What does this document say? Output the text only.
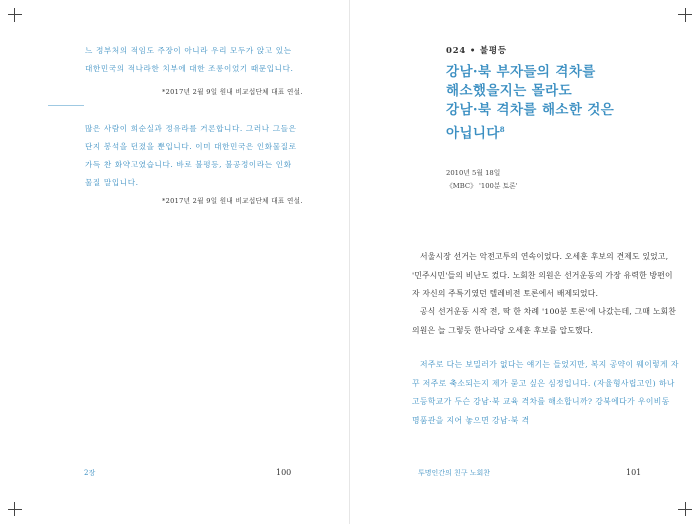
느 정부처의 적임도 주장이 아니라 우리 모두가 앉고 있는 대한민국의 적나라한 치부에 대한 조롱이었기 때문입니다.

*2017년 2월 9일 원내 비교섭단체 대표 연설.

많은 사람이 희순실과 정유라를 거론합니다. 그러나 그들은 단지 봉석을 던졌을 뿐입니다. 이미 대한민국은 인화물질로 가득 찬 화약고였습니다. 바로 불평등, 불공정이라는 인화물질 말입니다.

*2017년 2월 9일 원내 비교섭단체 대표 연설.

2장	100

024 • 불평등

강남·북 부자들의 격차를
해소했을지는 몰라도
강남·북 격차를 해소한 것은
아닙니다$^8$

2010년 5월 18일
《MBC》 '100분 토론'

서울시장 선거는 악전고투의 연속이었다. 오세훈 후보의 견제도 있었고, '민주시민'들의 비난도 컸다. 노회찬 의원은 선거운동의 가장 유력한 방편이자 자신의 주특기였던 텔레비전 토론에서 배제되었다.

공식 선거운동 시작 전, 딱 한 차례 '100분 토론'에 나갔는데, 그때 노회찬 의원은 늘 그렇듯 한나라당 오세훈 후보를 압도했다.

저주로 다는 보밀러가 없다는 얘기는 들었지만, 복지 공약이 웨이렇게 자꾸 저주로 축소되는지 제가 묻고 싶은 심정입니다. (자율형사립고인) 하나고등학교가 두슨 강남·북 교육 격차를 해소합니까? 강북에다가 우이비동 명품관을 지어 놓으면 강남·북 격

투명인간의 친구 노회찬	101
